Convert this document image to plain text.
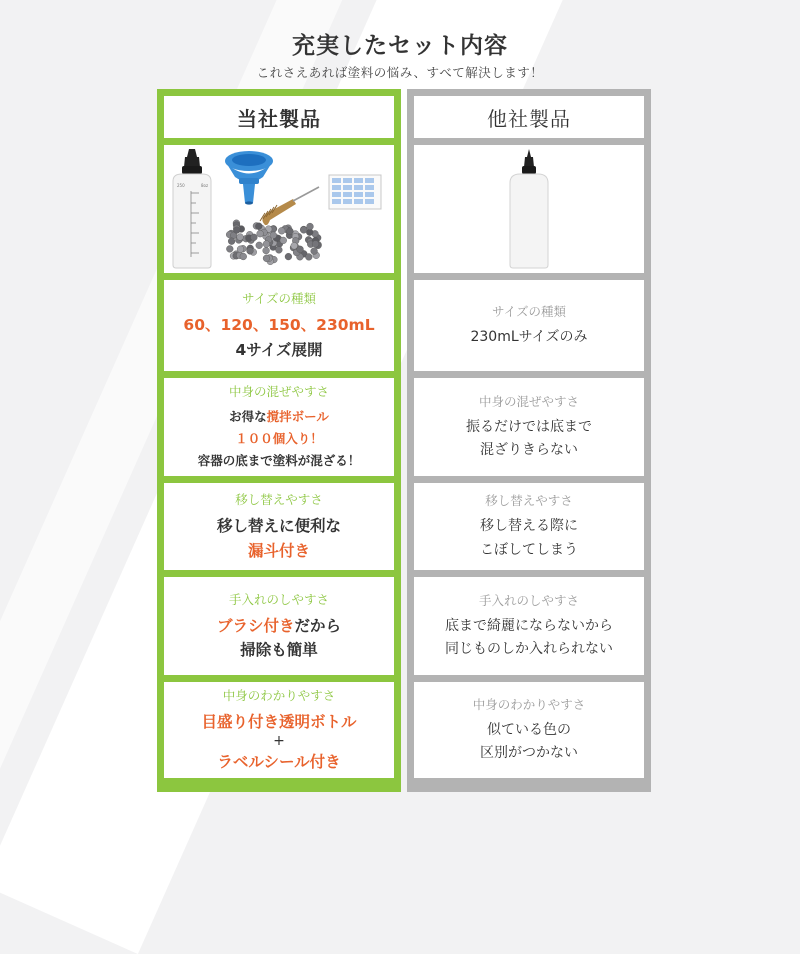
充実したセット内容
これさえあれば塗料の悩み、すべて解決します！
当社製品
250	8oz
サイズの種類
60、120、150、230mL
4サイズ展開
中身の混ぜやすさ
お得な撹拌ボール
１００個入り！
容器の底まで塗料が混ざる！
移し替えやすさ
移し替えに便利な
漏斗付き
手入れのしやすさ
ブラシ付きだから
掃除も簡単
中身のわかりやすさ
目盛り付き透明ボトル
+
ラベルシール付き
他社製品
サイズの種類
230mLサイズのみ
中身の混ぜやすさ
振るだけでは底まで
混ざりきらない
移し替えやすさ
移し替える際に
こぼしてしまう
手入れのしやすさ
底まで綺麗にならないから
同じものしか入れられない
中身のわかりやすさ
似ている色の
区別がつかない
